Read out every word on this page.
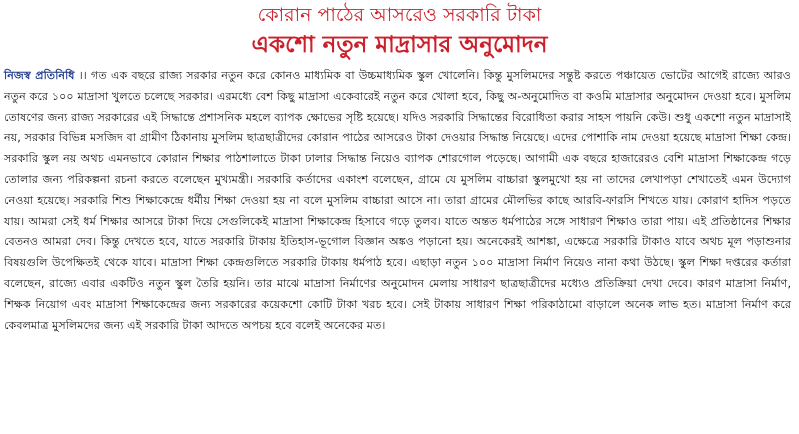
কোরান পাঠের আসরেও সরকারি টাকা
একশো নতুন মাদ্রাসার অনুমোদন

নিজস্ব প্রতিনিধি ।। গত এক বছরে রাজ্য সরকার নতুন করে কোনও মাধ্যমিক বা উচ্চমাধ্যমিক স্কুল খোলেনি। কিন্তু মুসলিমদের সন্তুষ্ট করতে পঞ্চায়েত ভোটের আগেই রাজ্যে আরও নতুন করে ১০০ মাদ্রাসা খুলতে চলেছে সরকার। এরমধ্যে বেশ কিছু মাদ্রাসা একেবারেই নতুন করে খোলা হবে, কিছু অ-অনুমোদিত বা কওমি মাদ্রাসার অনুমোদন দেওয়া হবে। মুসলিম তোষণের জন্য রাজ্য সরকারের এই সিদ্ধান্তে প্রশাসনিক মহলে ব্যাপক ক্ষোভের সৃষ্টি হয়েছে। যদিও সরকারি সিদ্ধান্তের বিরোধিতা করার সাহস পায়নি কেউ। শুধু একশো নতুন মাদ্রাসাই নয়, সরকার বিভিন্ন মসজিদ বা গ্রামীণ ঠিকানায় মুসলিম ছাত্রছাত্রীদের কোরান পাঠের আসরেও টাকা দেওয়ার সিদ্ধান্ত নিয়েছে। এদের পোশাকি নাম দেওয়া হয়েছে মাদ্রাসা শিক্ষা কেন্দ্র। সরকারি স্কুল নয় অথচ এমনভাবে কোরান শিক্ষার পাঠশালাতে টাকা ঢালার সিদ্ধান্ত নিয়েও ব্যাপক শোরগোল পড়েছে। আগামী এক বছরে হাজারেরও বেশি মাদ্রাসা শিক্ষাকেন্দ্র গড়ে তোলার জন্য পরিকল্পনা রচনা করতে বলেছেন মুখ্যমন্ত্রী। সরকারি কর্তাদের একাংশ বলেছেন, গ্রামে যে মুসলিম বাচ্চারা স্কুলমুখো হয় না তাদের লেখাপড়া শেখাতেই এমন উদ্যোগ নেওয়া হয়েছে। সরকারি শিশু শিক্ষাকেন্দ্রে ধর্মীয় শিক্ষা দেওয়া হয় না বলে মুসলিম বাচ্চারা আসে না। তারা গ্রামের মৌলভির কাছে আরবি-ফারসি শিখতে যায়। কোরাণ হাদিস পড়তে যায়। আমরা সেই ধর্ম শিক্ষার আসরে টাকা দিয়ে সেগুলিকেই মাদ্রাসা শিক্ষাকেন্দ্র হিসাবে গড়ে তুলব। যাতে অন্তত ধর্মপাঠের সঙ্গে সাধারণ শিক্ষাও তারা পায়। এই প্রতিষ্ঠানের শিক্ষার বেতনও আমরা দেব। কিন্তু দেখতে হবে, যাতে সরকারি টাকায় ইতিহাস-ভূগোল বিজ্ঞান অঙ্কও পড়ানো হয়। অনেকেরই আশঙ্কা, এক্ষেত্রে সরকারি টাকাও যাবে অথচ মূল পড়াশুনার বিষয়গুলি উপেক্ষিতই থেকে যাবে। মাদ্রাসা শিক্ষা কেন্দ্রগুলিতে সরকারি টাকায় ধর্মপাঠ হবে। এছাড়া নতুন ১০০ মাদ্রাসা নির্মাণ নিয়েও নানা কথা উঠছে। স্কুল শিক্ষা দপ্তরের কর্তারা বলেছেন, রাজ্যে এবার একটিও নতুন স্কুল তৈরি হয়নি। তার মাঝে মাদ্রাসা নির্মাণের অনুমোদন মেলায় সাধারণ ছাত্রছাত্রীদের মধ্যেও প্রতিক্রিয়া দেখা দেবে। কারণ মাদ্রাসা নির্মাণ, শিক্ষক নিয়োগ এবং মাদ্রাসা শিক্ষাকেন্দ্রের জন্য সরকারের কয়েকশো কোটি টাকা খরচ হবে। সেই টাকায় সাধারণ শিক্ষা পরিকাঠামো বাড়ালে অনেক লাভ হত। মাদ্রাসা নির্মাণ করে কেবলমাত্র মুসলিমদের জন্য এই সরকারি টাকা আদতে অপচয় হবে বলেই অনেকের মত।
